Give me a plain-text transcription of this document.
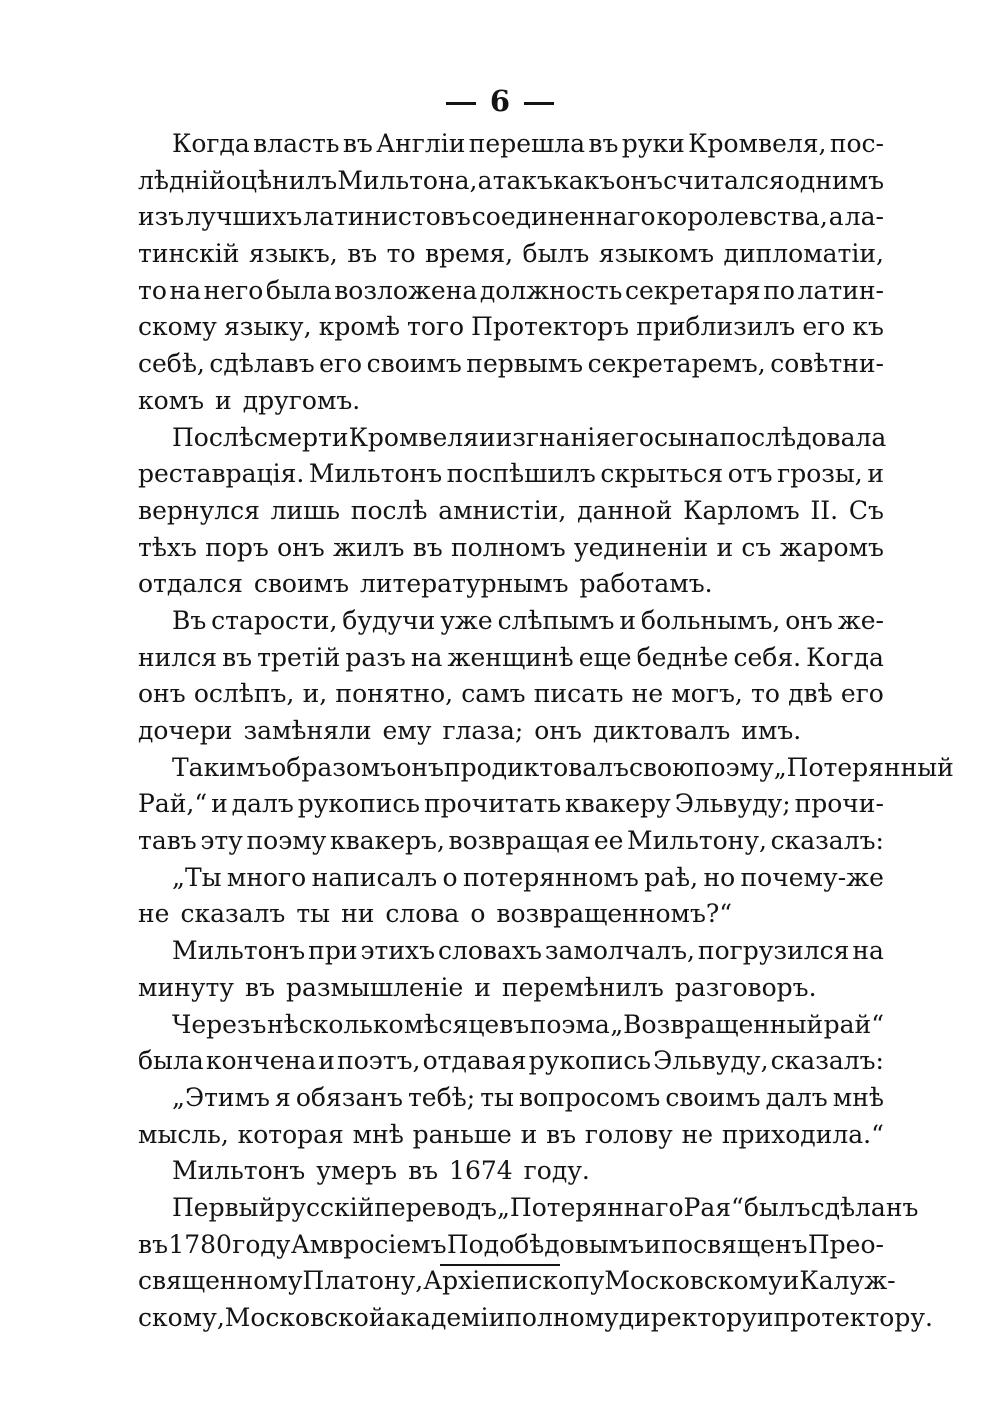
6
Когда власть въ Англіи перешла въ руки Кромвеля, пос-
лѣдній оцѣнилъ Мильтона, а такъ какъ онъ считался однимъ
изъ лучшихъ латинистовъ соединеннаго королевства, а ла-
тинскій языкъ, въ то время, былъ языкомъ дипломатіи,
то на него была возложена должность секретаря по латин-
скому языку, кромѣ того Протекторъ приблизилъ его къ
себѣ, сдѣлавъ его своимъ первымъ секретаремъ, совѣтни-
комъ и другомъ.
Послѣ смерти Кромвеля и изгнанія его сына послѣдовала
реставрація. Мильтонъ поспѣшилъ скрыться отъ грозы, и
вернулся лишь послѣ амнистіи, данной Карломъ II. Съ
тѣхъ поръ онъ жилъ въ полномъ уединеніи и съ жаромъ
отдался своимъ литературнымъ работамъ.
Въ старости, будучи уже слѣпымъ и больнымъ, онъ же-
нился въ третій разъ на женщинѣ еще беднѣе себя. Когда
онъ ослѣпъ, и, понятно, самъ писать не могъ, то двѣ его
дочери замѣняли ему глаза; онъ диктовалъ имъ.
Такимъ образомъ онъ продиктовалъ свою поэму „Потерянный
Рай,“ и далъ рукопись прочитать квакеру Эльвуду; прочи-
тавъ эту поэму квакеръ, возвращая ее Мильтону, сказалъ:
„Ты много написалъ о потерянномъ раѣ, но почему-же
не сказалъ ты ни слова о возвращенномъ?“
Мильтонъ при этихъ словахъ замолчалъ, погрузился на
минуту въ размышленіе и перемѣнилъ разговоръ.
Черезъ нѣсколько мѣсяцевъ поэма „Возвращенный рай“
была кончена и поэтъ, отдавая рукопись Эльвуду, сказалъ:
„Этимъ я обязанъ тебѣ; ты вопросомъ своимъ далъ мнѣ
мысль, которая мнѣ раньше и въ голову не приходила.“
Мильтонъ умеръ въ 1674 году.
Первый русскій переводъ „Потеряннаго Рая“ былъ сдѣланъ
въ 1780 году Амвросіемъ Подобѣдовымъ и посвященъ Прео-
священному Платону, Архіепископу Московскому и Калуж-
скому, Московской академіи полному директору и протектору.
